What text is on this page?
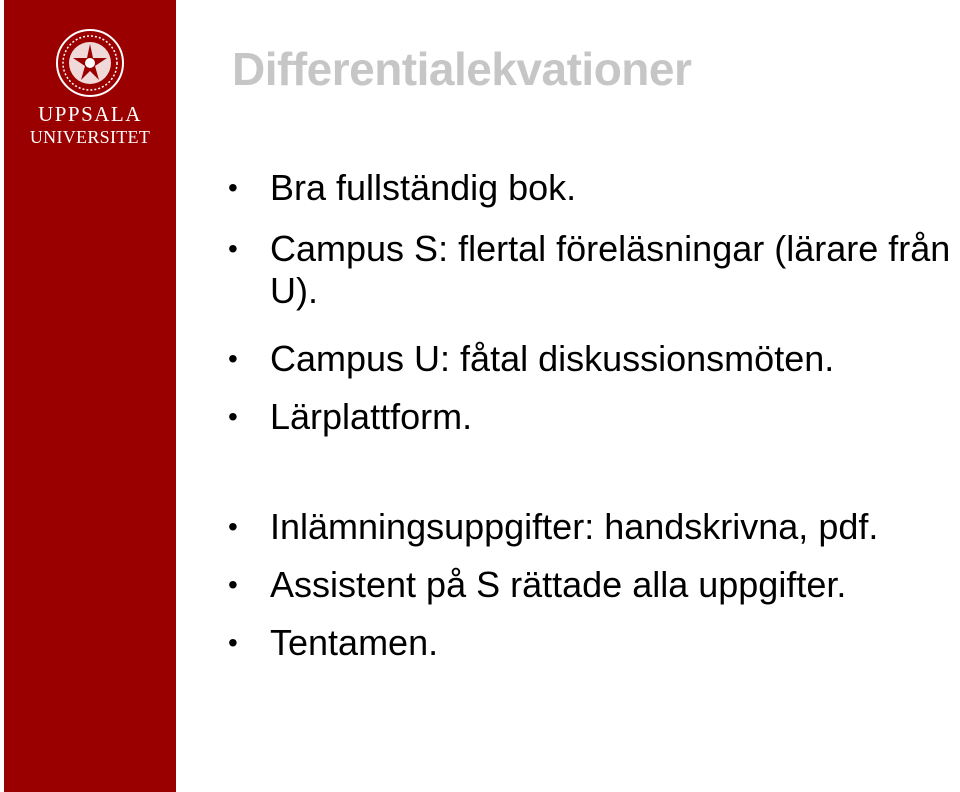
UPPSALA
UNIVERSITET
Differentialekvationer
• Bra fullständig bok.
• Campus S: flertal föreläsningar (lärare från U).
• Campus U: fåtal diskussionsmöten.
• Lärplattform.
• Inlämningsuppgifter: handskrivna, pdf.
• Assistent på S rättade alla uppgifter.
• Tentamen.
